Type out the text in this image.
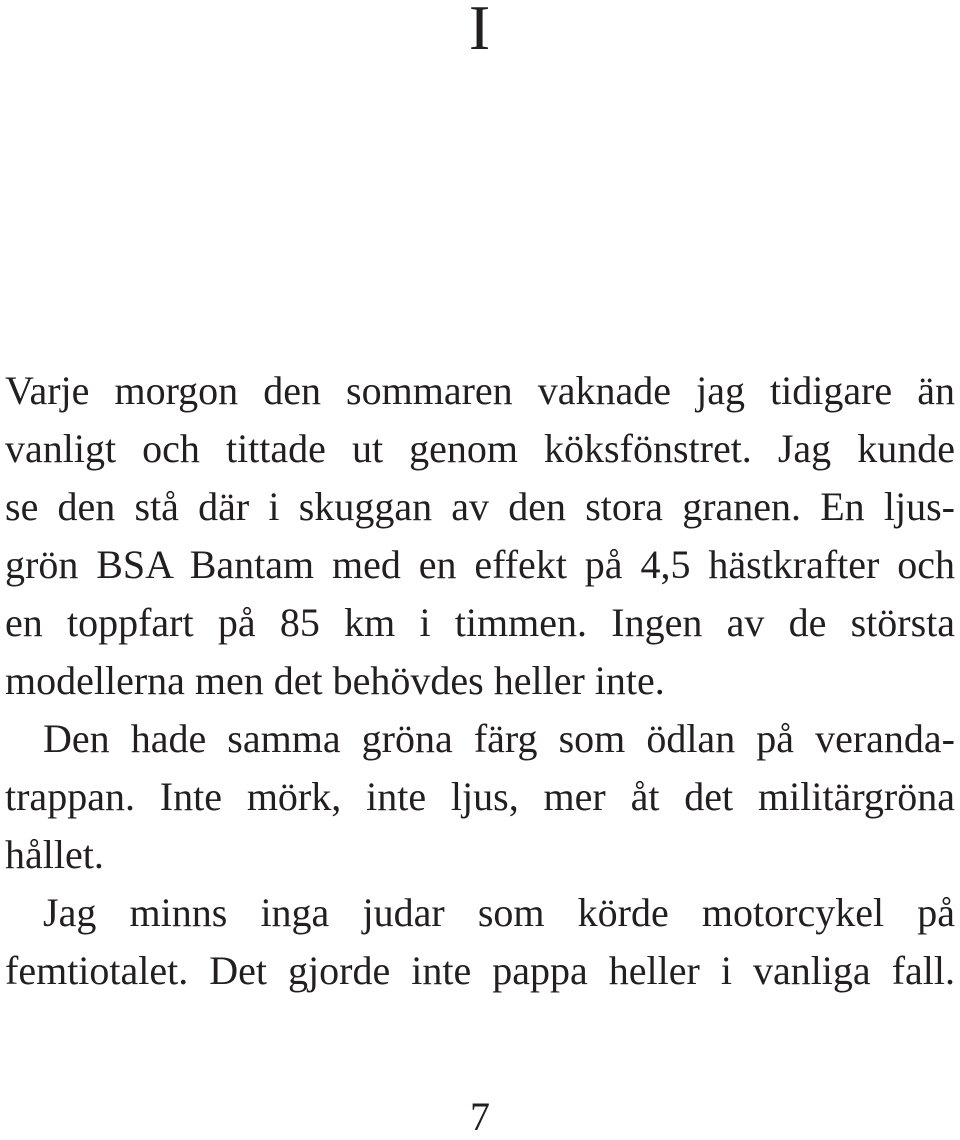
I
Varje morgon den sommaren vaknade jag tidigare än
vanligt och tittade ut genom köksfönstret. Jag kunde
se den stå där i skuggan av den stora granen. En ljus-
grön BSA Bantam med en effekt på 4,5 hästkrafter och
en toppfart på 85 km i timmen. Ingen av de största
modellerna men det behövdes heller inte.
Den hade samma gröna färg som ödlan på veranda-
trappan. Inte mörk, inte ljus, mer åt det militärgröna
hållet.
Jag minns inga judar som körde motorcykel på
femtiotalet. Det gjorde inte pappa heller i vanliga fall.
7
